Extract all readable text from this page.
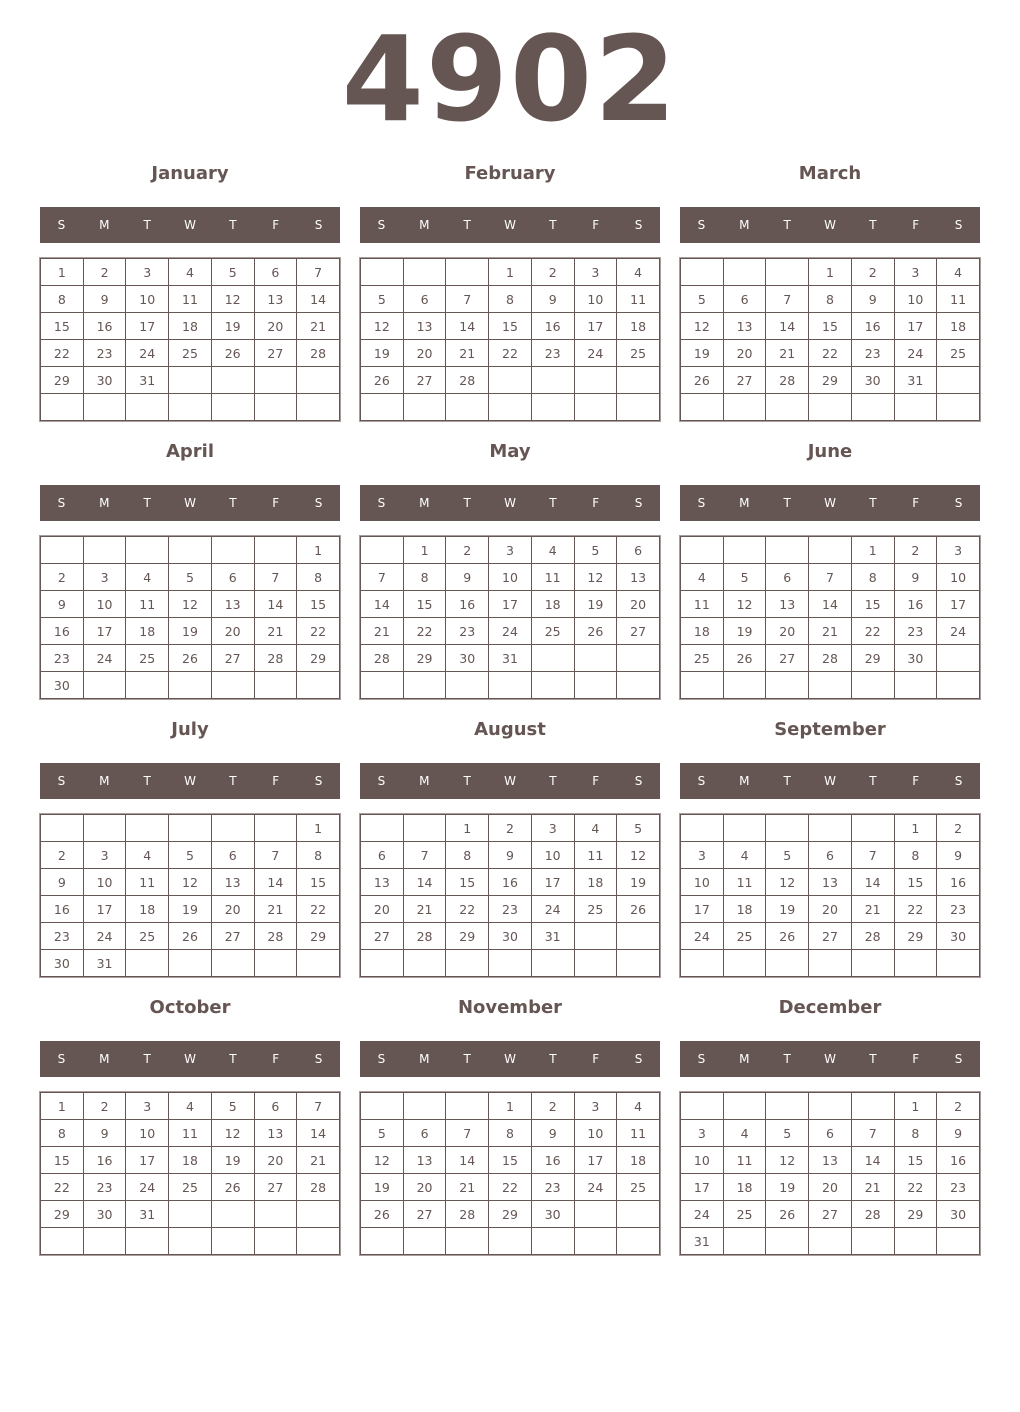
4902
January
S	M	T	W	T	F	S
1	2	3	4	5	6	7
8	9	10	11	12	13	14
15	16	17	18	19	20	21
22	23	24	25	26	27	28
29	30	31				

February
S	M	T	W	T	F	S
			1	2	3	4
5	6	7	8	9	10	11
12	13	14	15	16	17	18
19	20	21	22	23	24	25
26	27	28				

March
S	M	T	W	T	F	S
			1	2	3	4
5	6	7	8	9	10	11
12	13	14	15	16	17	18
19	20	21	22	23	24	25
26	27	28	29	30	31	

April
S	M	T	W	T	F	S
						1
2	3	4	5	6	7	8
9	10	11	12	13	14	15
16	17	18	19	20	21	22
23	24	25	26	27	28	29
30						
May
S	M	T	W	T	F	S
	1	2	3	4	5	6
7	8	9	10	11	12	13
14	15	16	17	18	19	20
21	22	23	24	25	26	27
28	29	30	31			

June
S	M	T	W	T	F	S
				1	2	3
4	5	6	7	8	9	10
11	12	13	14	15	16	17
18	19	20	21	22	23	24
25	26	27	28	29	30	

July
S	M	T	W	T	F	S
						1
2	3	4	5	6	7	8
9	10	11	12	13	14	15
16	17	18	19	20	21	22
23	24	25	26	27	28	29
30	31					
August
S	M	T	W	T	F	S
		1	2	3	4	5
6	7	8	9	10	11	12
13	14	15	16	17	18	19
20	21	22	23	24	25	26
27	28	29	30	31		

September
S	M	T	W	T	F	S
					1	2
3	4	5	6	7	8	9
10	11	12	13	14	15	16
17	18	19	20	21	22	23
24	25	26	27	28	29	30

October
S	M	T	W	T	F	S
1	2	3	4	5	6	7
8	9	10	11	12	13	14
15	16	17	18	19	20	21
22	23	24	25	26	27	28
29	30	31				

November
S	M	T	W	T	F	S
			1	2	3	4
5	6	7	8	9	10	11
12	13	14	15	16	17	18
19	20	21	22	23	24	25
26	27	28	29	30		

December
S	M	T	W	T	F	S
					1	2
3	4	5	6	7	8	9
10	11	12	13	14	15	16
17	18	19	20	21	22	23
24	25	26	27	28	29	30
31						
